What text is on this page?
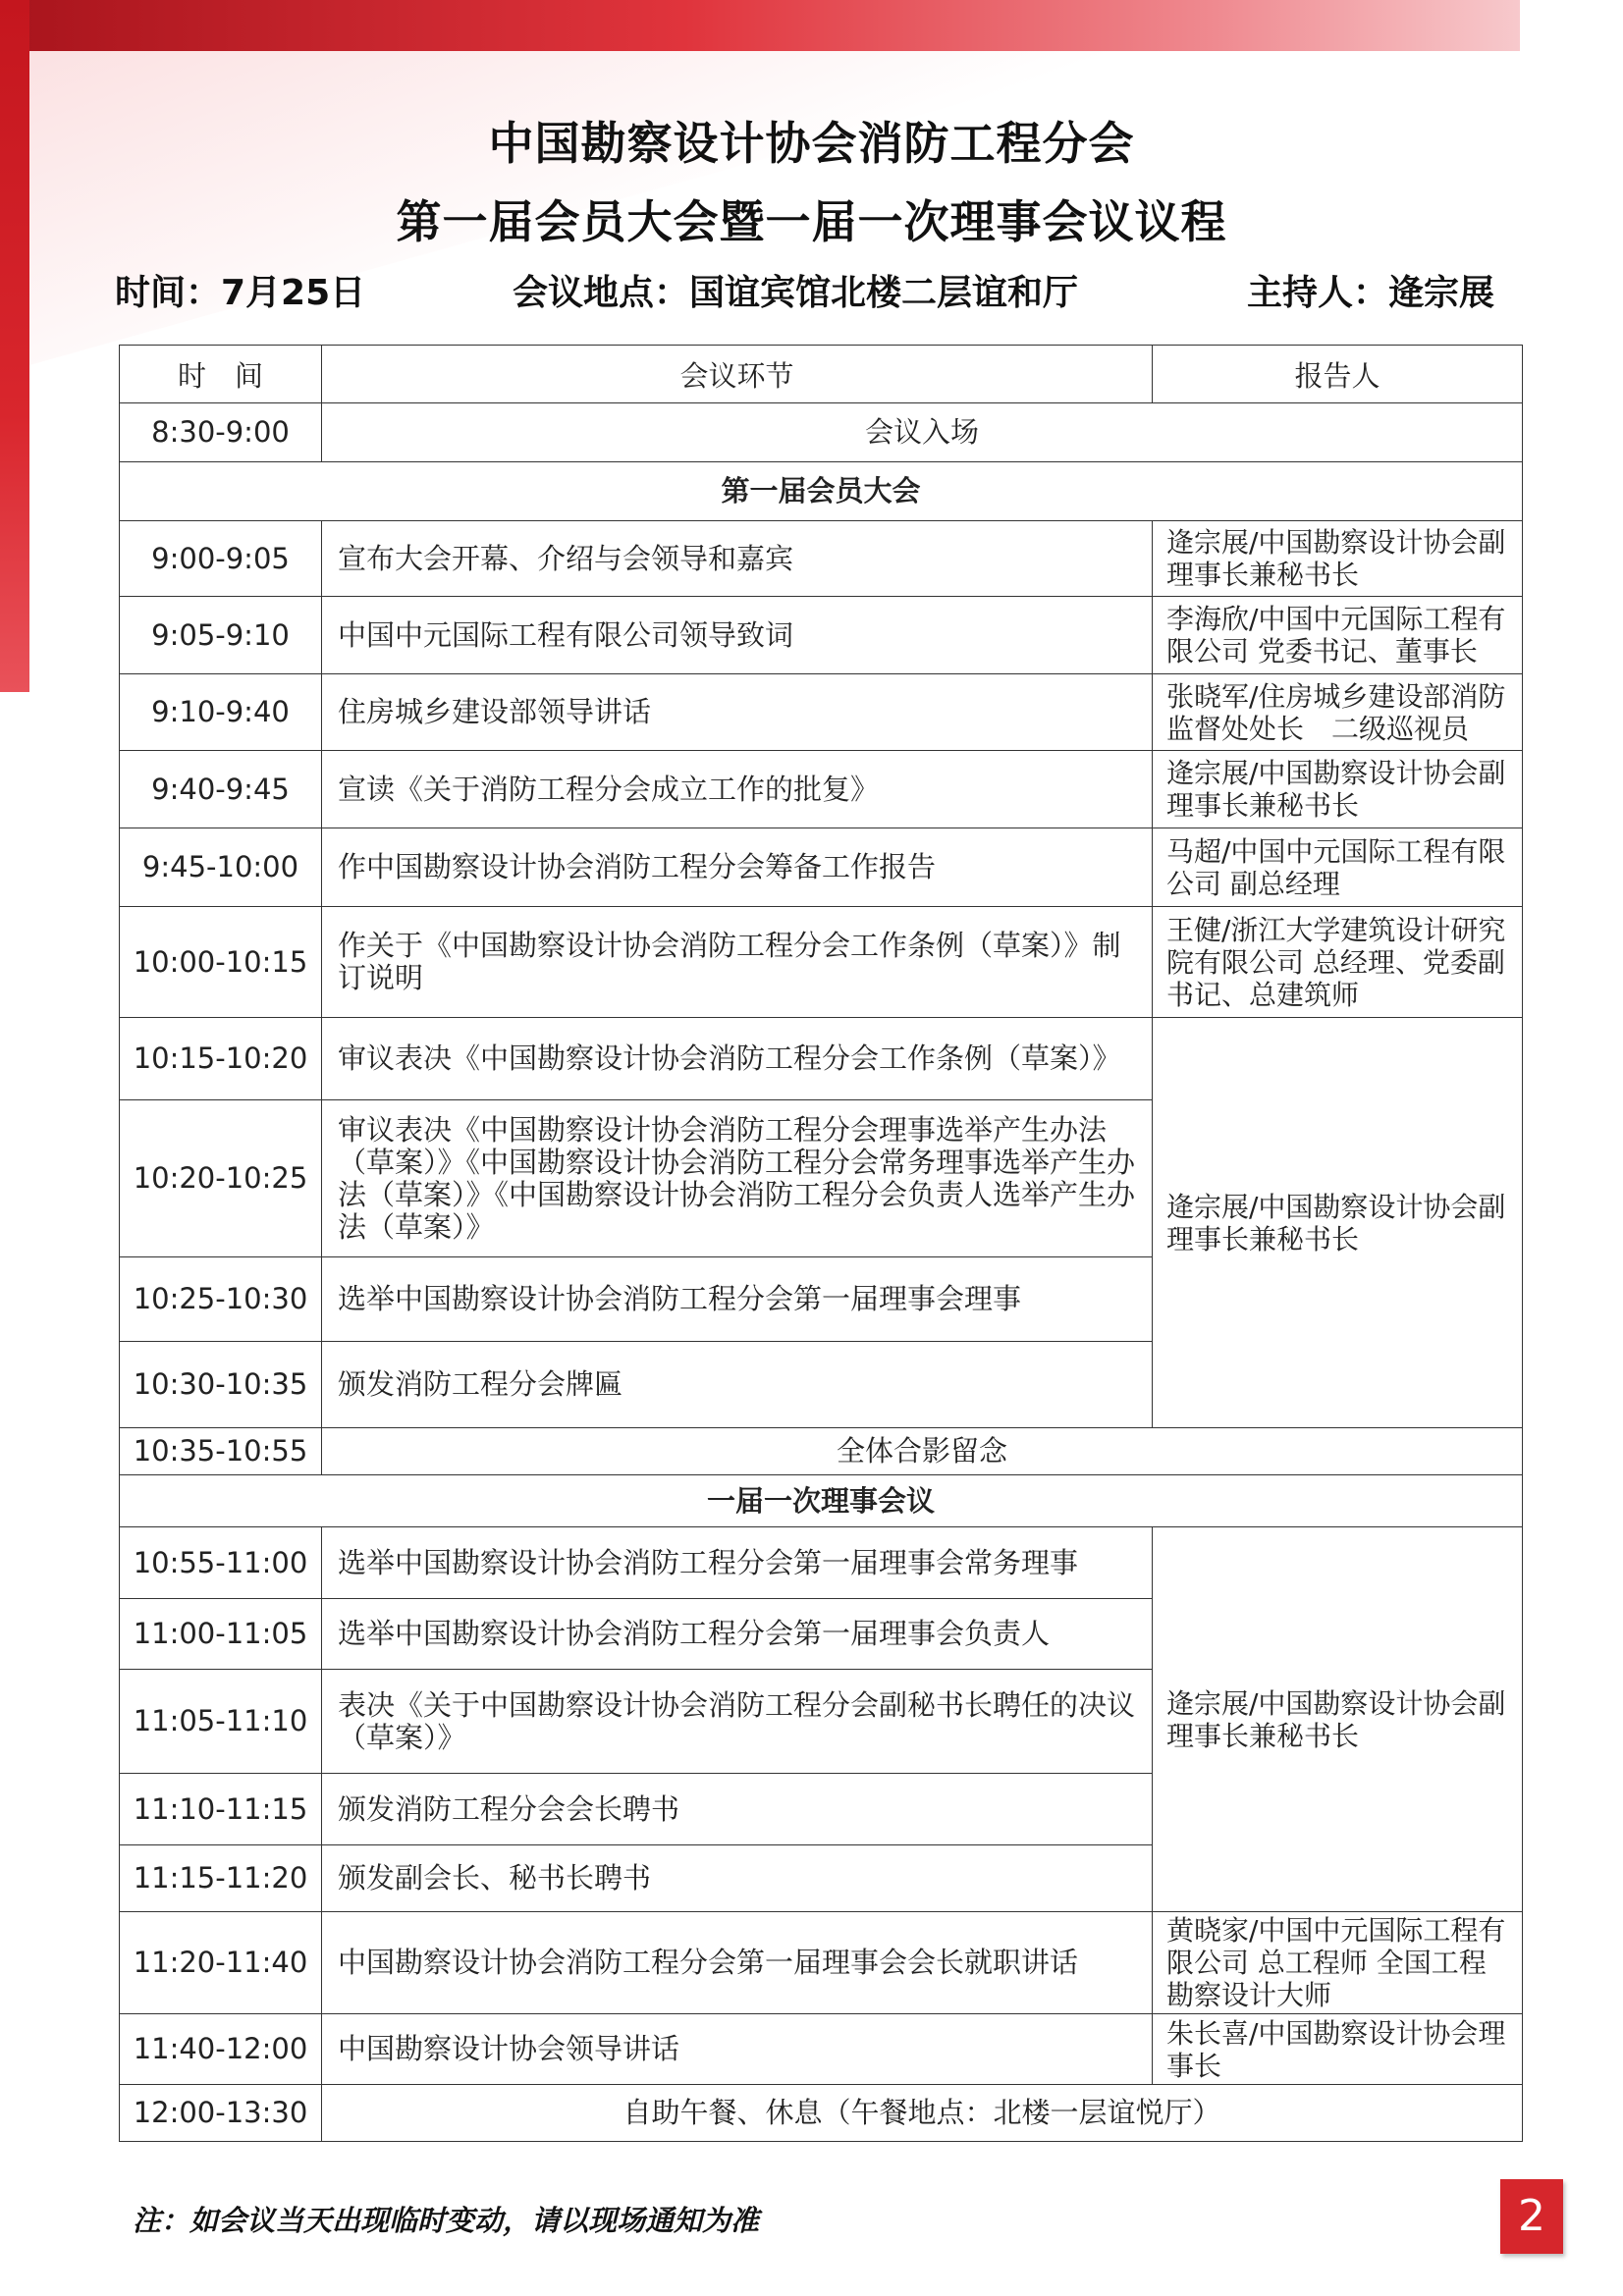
中国勘察设计协会消防工程分会
第一届会员大会暨一届一次理事会议议程
时间：7月25日	会议地点：国谊宾馆北楼二层谊和厅	主持人：逄宗展
时　间	会议环节	报告人
8:30-9:00	会议入场	
第一届会员大会		
9:00-9:05	宣布大会开幕、介绍与会领导和嘉宾	逄宗展/中国勘察设计协会副理事长兼秘书长
9:05-9:10	中国中元国际工程有限公司领导致词	李海欣/中国中元国际工程有限公司 党委书记、董事长
9:10-9:40	住房城乡建设部领导讲话	张晓军/住房城乡建设部消防监督处处长　二级巡视员
9:40-9:45	宣读《关于消防工程分会成立工作的批复》	逄宗展/中国勘察设计协会副理事长兼秘书长
9:45-10:00	作中国勘察设计协会消防工程分会筹备工作报告	马超/中国中元国际工程有限公司 副总经理
10:00-10:15	作关于《中国勘察设计协会消防工程分会工作条例（草案）》制订说明	王健/浙江大学建筑设计研究院有限公司 总经理、党委副书记、总建筑师
10:15-10:20	审议表决《中国勘察设计协会消防工程分会工作条例（草案）》	逄宗展/中国勘察设计协会副理事长兼秘书长
10:20-10:25	审议表决《中国勘察设计协会消防工程分会理事选举产生办法（草案）》《中国勘察设计协会消防工程分会常务理事选举产生办法（草案）》《中国勘察设计协会消防工程分会负责人选举产生办法（草案）》	
10:25-10:30	选举中国勘察设计协会消防工程分会第一届理事会理事	
10:30-10:35	颁发消防工程分会牌匾	
10:35-10:55	全体合影留念	
一届一次理事会议		
10:55-11:00	选举中国勘察设计协会消防工程分会第一届理事会常务理事	逄宗展/中国勘察设计协会副理事长兼秘书长
11:00-11:05	选举中国勘察设计协会消防工程分会第一届理事会负责人	
11:05-11:10	表决《关于中国勘察设计协会消防工程分会副秘书长聘任的决议（草案）》	
11:10-11:15	颁发消防工程分会会长聘书	
11:15-11:20	颁发副会长、秘书长聘书	
11:20-11:40	中国勘察设计协会消防工程分会第一届理事会会长就职讲话	黄晓家/中国中元国际工程有限公司 总工程师 全国工程勘察设计大师
11:40-12:00	中国勘察设计协会领导讲话	朱长喜/中国勘察设计协会理事长
12:00-13:30	自助午餐、休息（午餐地点：北楼一层谊悦厅）	
注：如会议当天出现临时变动，请以现场通知为准	2
